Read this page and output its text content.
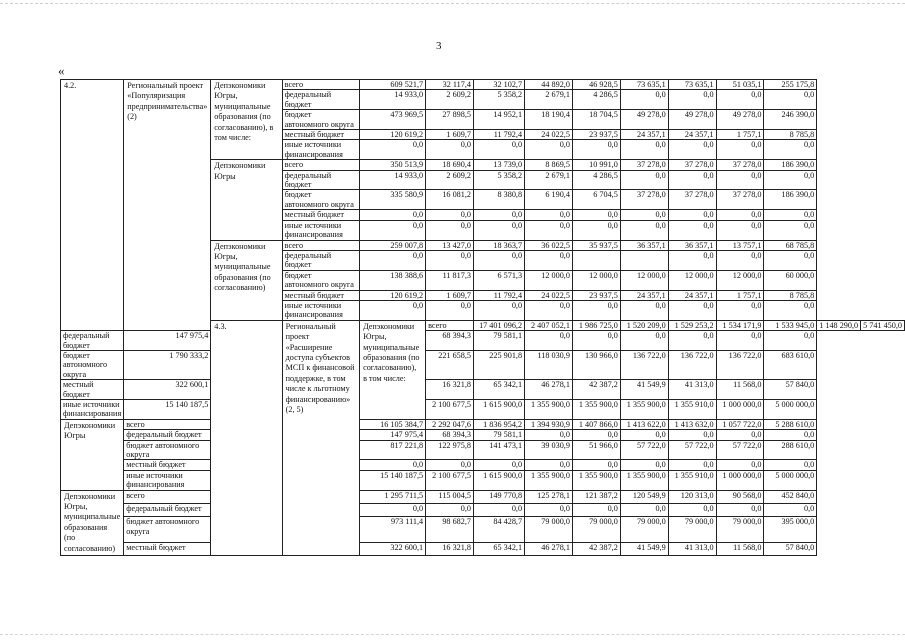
3
«
4.2.	Региональный проект «Популяризация предпринимательства» (2)	Депэкономики Югры, муниципальные образования (по согласованию), в том числе:	всего	609 521,7	32 117,4	32 102,7	44 892,0	46 928,5	73 635,1	73 635,1	51 035,1	255 175,8		
			федеральный бюджет	14 933,0	2 609,2	5 358,2	2 679,1	4 286,5	0,0	0,0	0,0	0,0		
			бюджет автономного округа	473 969,5	27 898,5	14 952,1	18 190,4	18 704,5	49 278,0	49 278,0	49 278,0	246 390,0		
			местный бюджет	120 619,2	1 609,7	11 792,4	24 022,5	23 937,5	24 357,1	24 357,1	1 757,1	8 785,8		
			иные источники финансирования	0,0	0,0	0,0	0,0	0,0	0,0	0,0	0,0	0,0		
		Депэкономики Югры	всего	350 513,9	18 690,4	13 739,0	8 869,5	10 991,0	37 278,0	37 278,0	37 278,0	186 390,0		
			федеральный бюджет	14 933,0	2 609,2	5 358,2	2 679,1	4 286,5	0,0	0,0	0,0	0,0		
			бюджет автономного округа	335 580,9	16 081,2	8 380,8	6 190,4	6 704,5	37 278,0	37 278,0	37 278,0	186 390,0		
			местный бюджет	0,0	0,0	0,0	0,0	0,0	0,0	0,0	0,0	0,0		
			иные источники финансирования	0,0	0,0	0,0	0,0	0,0	0,0	0,0	0,0	0,0		
		Депэкономики Югры, муниципальные образования (по согласованию)	всего	259 007,8	13 427,0	18 363,7	36 022,5	35 937,5	36 357,1	36 357,1	13 757,1	68 785,8		
			федеральный бюджет	0,0	0,0	0,0	0,0			0,0	0,0	0,0		
			бюджет автономного округа	138 388,6	11 817,3	6 571,3	12 000,0	12 000,0	12 000,0	12 000,0	12 000,0	60 000,0		
			местный бюджет	120 619,2	1 609,7	11 792,4	24 022,5	23 937,5	24 357,1	24 357,1	1 757,1	8 785,8		
			иные источники финансирования	0,0	0,0	0,0	0,0	0,0	0,0	0,0	0,0	0,0		
		4.3.	Региональный проект «Расширение доступа субъектов МСП к финансовой поддержке, в том числе к льготному финансированию» (2, 5)	Депэкономики Югры, муниципальные образования (по согласованию), в том числе:	всего	17 401 096,2	2 407 052,1	1 986 725,0	1 520 209,0	1 529 253,2	1 534 171,9	1 533 945,0	1 148 290,0	5 741 450,0
федеральный бюджет	147 975,4				68 394,3	79 581,1	0,0	0,0	0,0	0,0	0,0	0,0		
бюджет автономного округа	1 790 333,2				221 658,5	225 901,8	118 030,9	130 966,0	136 722,0	136 722,0	136 722,0	683 610,0		
местный бюджет	322 600,1				16 321,8	65 342,1	46 278,1	42 387,2	41 549,9	41 313,0	11 568,0	57 840,0		
иные источники финансирования	15 140 187,5				2 100 677,5	1 615 900,0	1 355 900,0	1 355 900,0	1 355 900,0	1 355 910,0	1 000 000,0	5 000 000,0		
Депэкономики Югры	всего			16 105 384,7	2 292 047,6	1 836 954,2	1 394 930,9	1 407 866,0	1 413 622,0	1 413 632,0	1 057 722,0	5 288 610,0		
	федеральный бюджет			147 975,4	68 394,3	79 581,1	0,0	0,0	0,0	0,0	0,0	0,0		
	бюджет автономного округа			817 221,8	122 975,8	141 473,1	39 030,9	51 966,0	57 722,0	57 722,0	57 722,0	288 610,0		
	местный бюджет			0,0	0,0	0,0	0,0	0,0	0,0	0,0	0,0	0,0		
	иные источники финансирования			15 140 187,5	2 100 677,5	1 615 900,0	1 355 900,0	1 355 900,0	1 355 900,0	1 355 910,0	1 000 000,0	5 000 000,0		
Депэкономики Югры, муниципальные образования (по согласованию)	всего			1 295 711,5	115 004,5	149 770,8	125 278,1	121 387,2	120 549,9	120 313,0	90 568,0	452 840,0		
	федеральный бюджет			0,0	0,0	0,0	0,0	0,0	0,0	0,0	0,0	0,0		
	бюджет автономного округа			973 111,4	98 682,7	84 428,7	79 000,0	79 000,0	79 000,0	79 000,0	79 000,0	395 000,0		
	местный бюджет			322 600,1	16 321,8	65 342,1	46 278,1	42 387,2	41 549,9	41 313,0	11 568,0	57 840,0		
